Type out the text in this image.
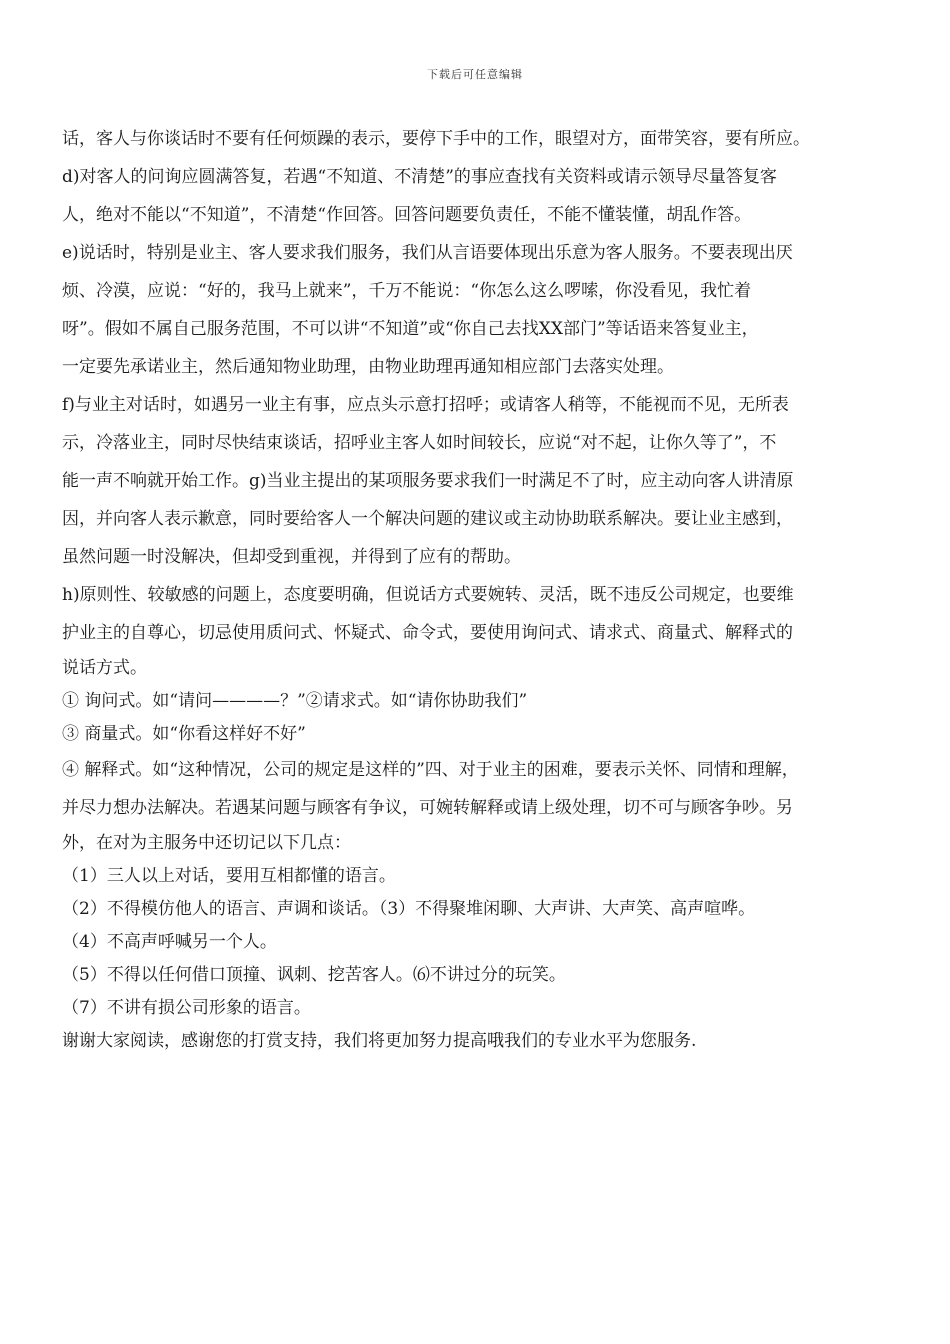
下载后可任意编辑
话，客人与你谈话时不要有任何烦躁的表示，要停下手中的工作，眼望对方，面带笑容，要有所应。
d)对客人的问询应圆满答复，若遇“不知道、不清楚”的事应查找有关资料或请示领导尽量答复客
人，绝对不能以“不知道”，不清楚“作回答。回答问题要负责任，不能不懂装懂，胡乱作答。
e)说话时，特别是业主、客人要求我们服务，我们从言语要体现出乐意为客人服务。不要表现出厌
烦、冷漠，应说：“好的，我马上就来”，千万不能说：“你怎么这么啰嗦，你没看见，我忙着
呀”。假如不属自己服务范围，不可以讲“不知道”或“你自己去找XX部门”等话语来答复业主，
一定要先承诺业主，然后通知物业助理，由物业助理再通知相应部门去落实处理。
f)与业主对话时，如遇另一业主有事，应点头示意打招呼；或请客人稍等，不能视而不见，无所表
示，冷落业主，同时尽快结束谈话，招呼业主客人如时间较长，应说“对不起，让你久等了”，不
能一声不响就开始工作。g)当业主提出的某项服务要求我们一时满足不了时，应主动向客人讲清原
因，并向客人表示歉意，同时要给客人一个解决问题的建议或主动协助联系解决。要让业主感到，
虽然问题一时没解决，但却受到重视，并得到了应有的帮助。
h)原则性、较敏感的问题上，态度要明确，但说话方式要婉转、灵活，既不违反公司规定，也要维
护业主的自尊心，切忌使用质问式、怀疑式、命令式，要使用询问式、请求式、商量式、解释式的
说话方式。
① 询问式。如“请问————？”②请求式。如“请你协助我们”
③ 商量式。如“你看这样好不好”
④ 解释式。如“这种情况，公司的规定是这样的”四、对于业主的困难，要表示关怀、同情和理解，
并尽力想办法解决。若遇某问题与顾客有争议，可婉转解释或请上级处理，切不可与顾客争吵。另
外，在对为主服务中还切记以下几点：
（1）三人以上对话，要用互相都懂的语言。
（2）不得模仿他人的语言、声调和谈话。（3）不得聚堆闲聊、大声讲、大声笑、高声喧哗。
（4）不高声呼喊另一个人。
（5）不得以任何借口顶撞、讽刺、挖苦客人。⑹不讲过分的玩笑。
（7）不讲有损公司形象的语言。
谢谢大家阅读，感谢您的打赏支持，我们将更加努力提高哦我们的专业水平为您服务.
